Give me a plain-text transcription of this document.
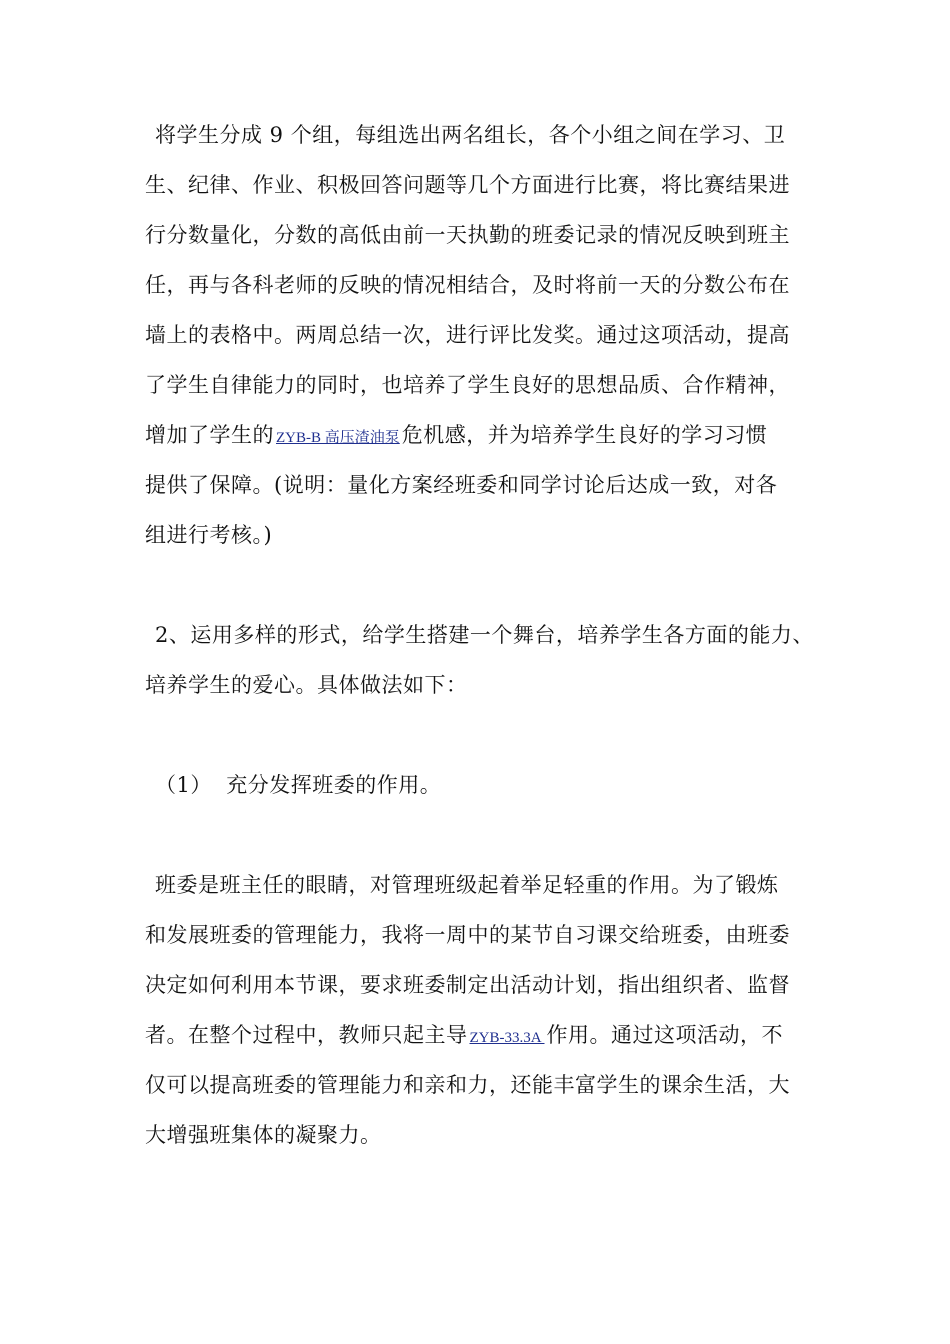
将学生分成 9 个组，每组选出两名组长，各个小组之间在学习、卫
生、纪律、作业、积极回答问题等几个方面进行比赛，将比赛结果进
行分数量化，分数的高低由前一天执勤的班委记录的情况反映到班主
任，再与各科老师的反映的情况相结合，及时将前一天的分数公布在
墙上的表格中。两周总结一次，进行评比发奖。通过这项活动，提高
了学生自律能力的同时，也培养了学生良好的思想品质、合作精神，
增加了学生的 ZYB-B 高压渣油泵危机感，并为培养学生良好的学习习惯
提供了保障。(说明：量化方案经班委和同学讨论后达成一致，对各
组进行考核。)
2、运用多样的形式，给学生搭建一个舞台，培养学生各方面的能力、
培养学生的爱心。具体做法如下：
（1）  充分发挥班委的作用。
班委是班主任的眼睛，对管理班级起着举足轻重的作用。为了锻炼
和发展班委的管理能力，我将一周中的某节自习课交给班委，由班委
决定如何利用本节课，要求班委制定出活动计划，指出组织者、监督
者。在整个过程中，教师只起主导 ZYB-33.3A 作用。通过这项活动，不
仅可以提高班委的管理能力和亲和力，还能丰富学生的课余生活，大
大增强班集体的凝聚力。
